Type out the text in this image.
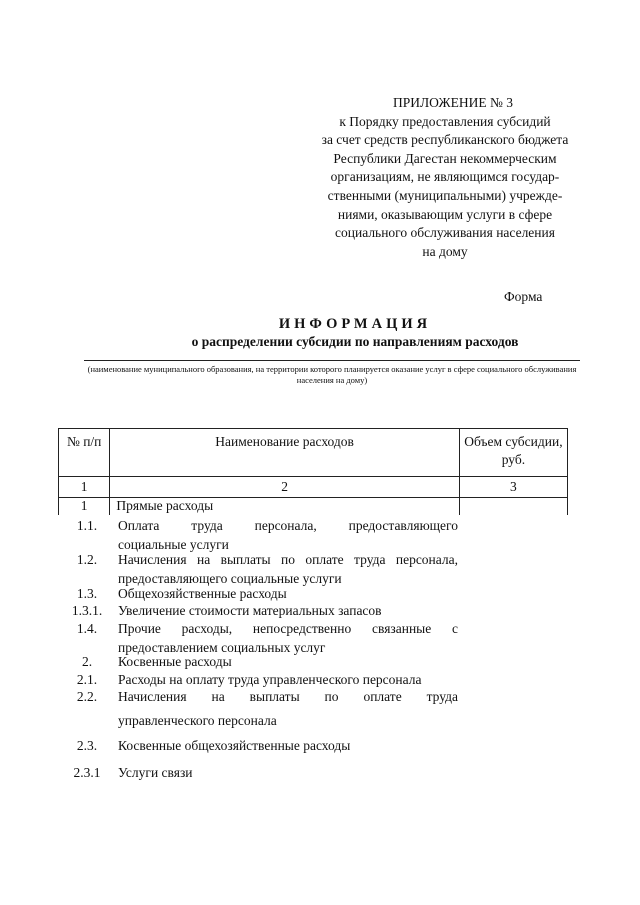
ПРИЛОЖЕНИЕ № 3
к Порядку предоставления субсидий
за счет средств республиканского бюджета
Республики Дагестан некоммерческим
организациям, не являющимся государ-
ственными (муниципальными) учрежде-
ниями, оказывающим услуги в сфере
социального обслуживания населения
на дому
Форма
ИНФОРМАЦИЯ
о распределении субсидии по направлениям расходов
(наименование муниципального образования, на территории которого планируется оказание услуг в сфере социального обслуживания населения на дому)
№ п/п	Наименование расходов	Объем субсидии, руб.

1	2	3

1	Прямые расходы	
1.1.	Оплата труда персонала, предоставляющего
социальные услуги
1.2.	Начисления на выплаты по оплате труда персонала,
предоставляющего социальные услуги
1.3.	Общехозяйственные расходы
1.3.1.	Увеличение стоимости материальных запасов
1.4.	Прочие расходы, непосредственно связанные с
предоставлением социальных услуг
2.	Косвенные расходы
2.1.	Расходы на оплату труда управленческого персонала
2.2.	Начисления на выплаты по оплате труда
управленческого персонала
2.3.	Косвенные общехозяйственные расходы
2.3.1	Услуги связи
